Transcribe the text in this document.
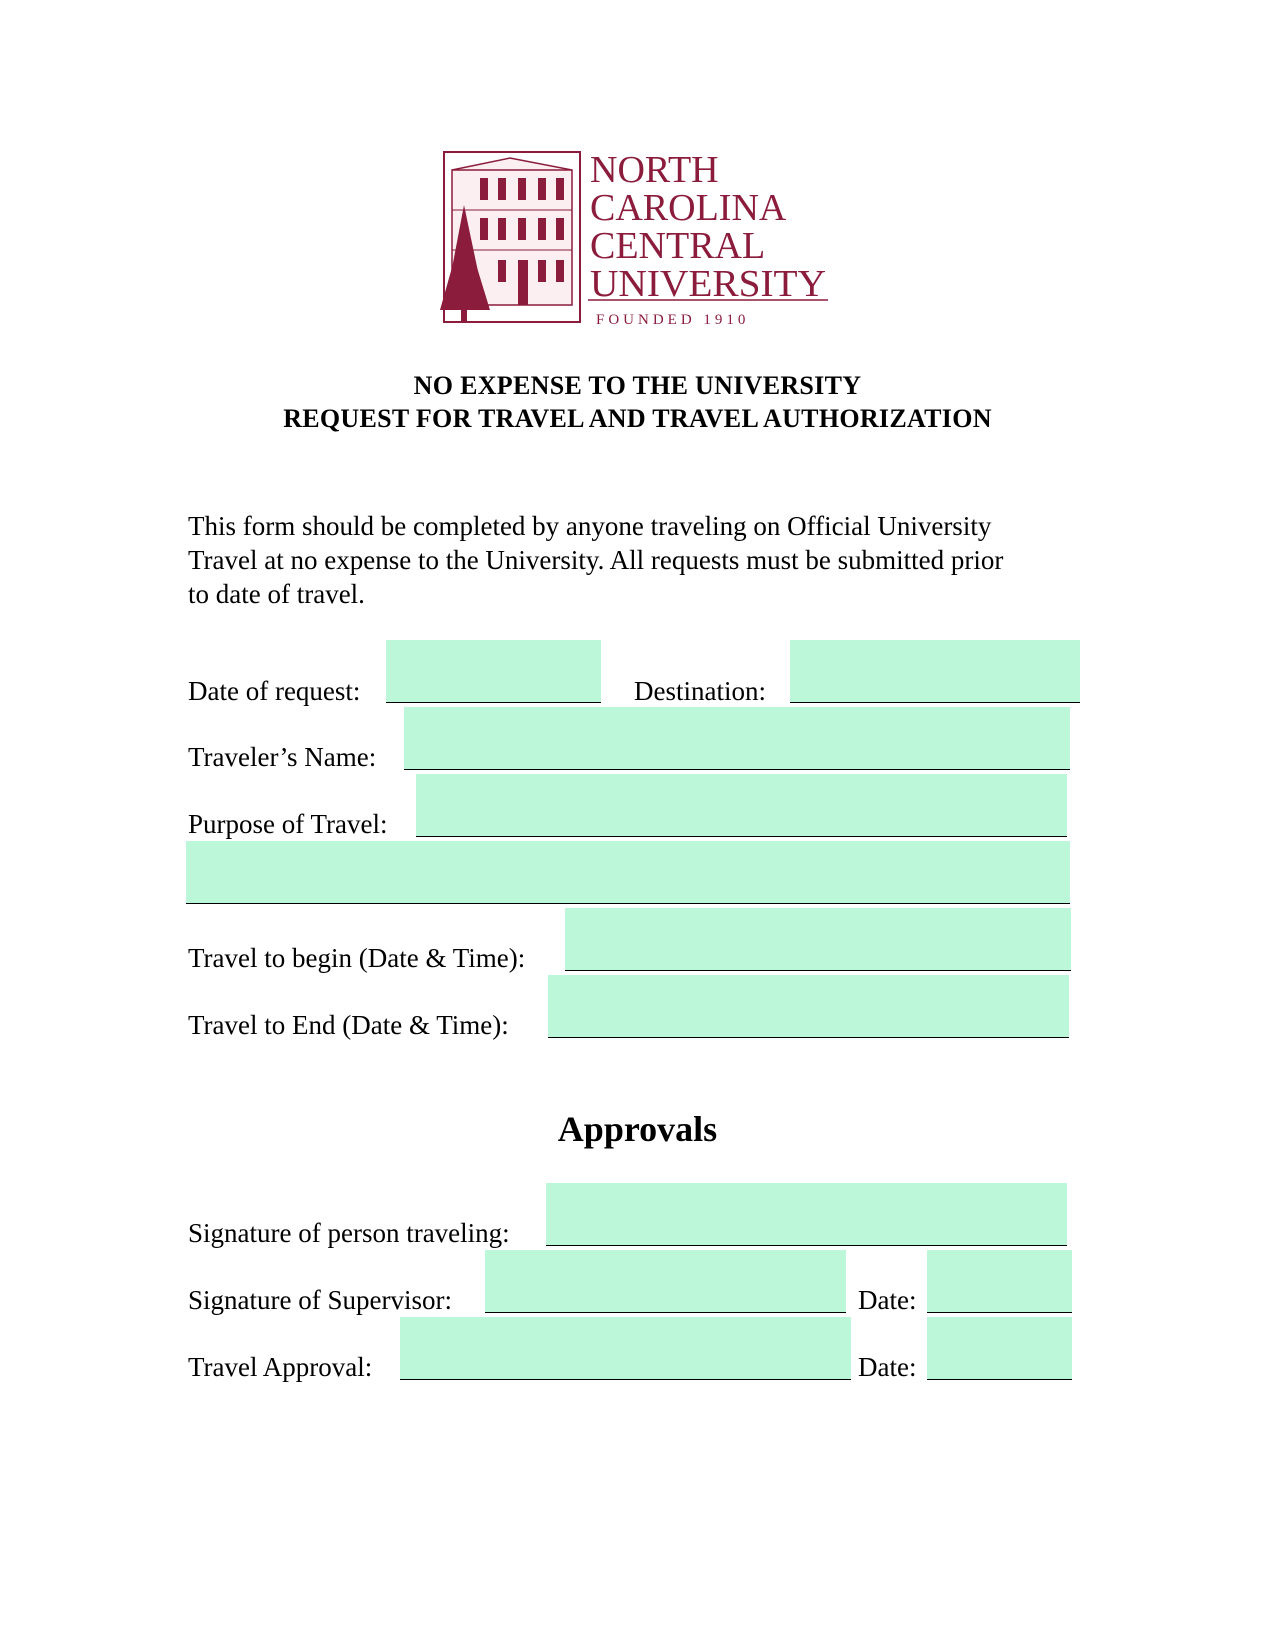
NORTH
CAROLINA
CENTRAL
UNIVERSITY
FOUNDED 1910
NO EXPENSE TO THE UNIVERSITY
REQUEST FOR TRAVEL AND TRAVEL AUTHORIZATION
This form should be completed by anyone traveling on Official University
Travel at no expense to the University. All requests must be submitted prior
to date of travel.
Date of request:	Destination:
Traveler’s Name:
Purpose of Travel:
Travel to begin (Date & Time):
Travel to End (Date & Time):
Approvals
Signature of person traveling:
Signature of Supervisor:	Date:
Travel Approval:	Date:
